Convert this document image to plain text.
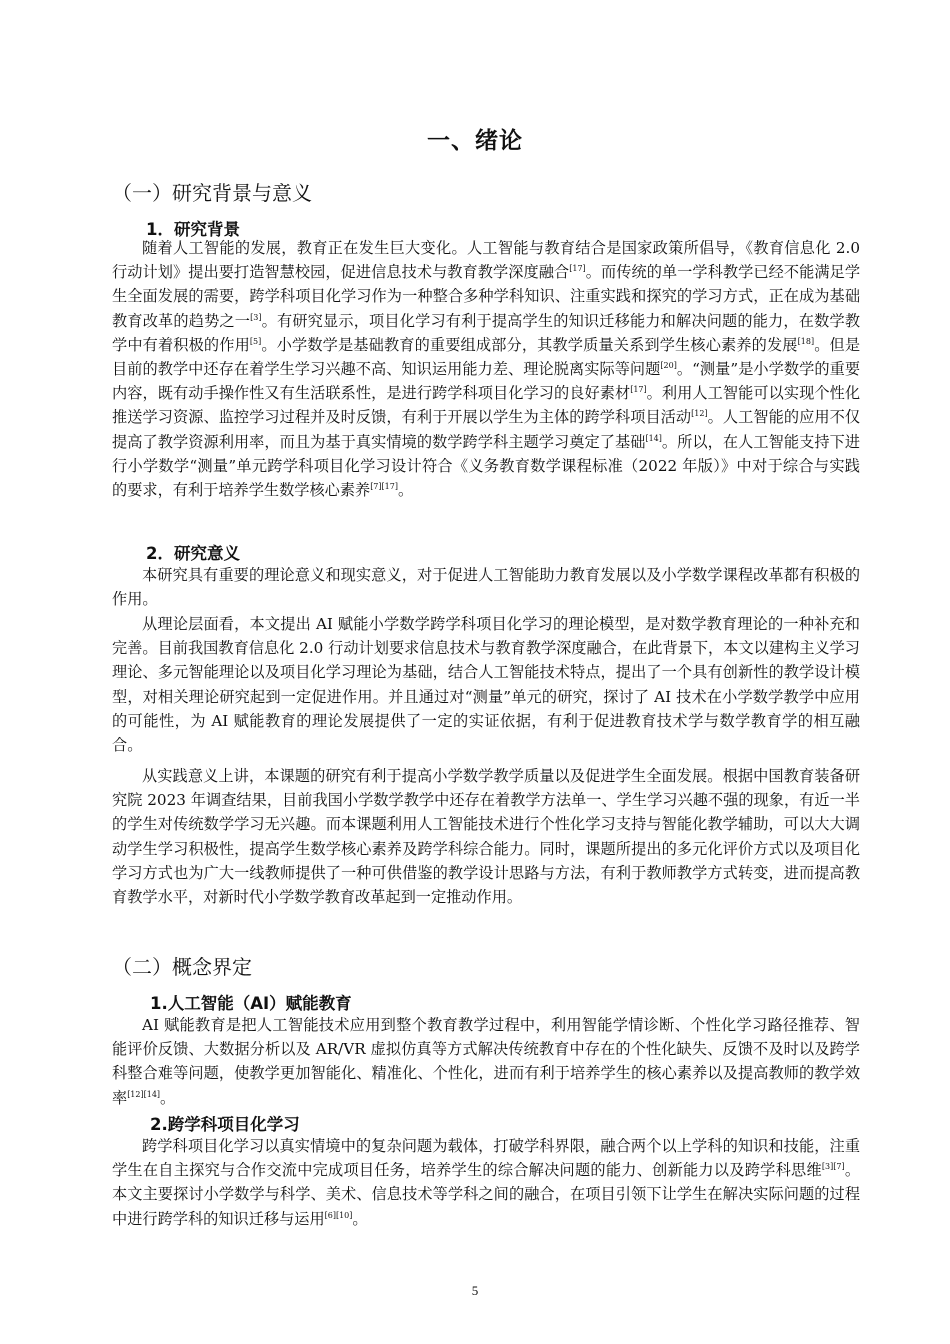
一、绪论
（一）研究背景与意义
1．研究背景

随着人工智能的发展，教育正在发生巨大变化。人工智能与教育结合是国家政策所倡导，《教育信息化 2.0 行动计划》提出要打造智慧校园，促进信息技术与教育教学深度融合[17]。而传统的单一学科教学已经不能满足学生全面发展的需要，跨学科项目化学习作为一种整合多种学科知识、注重实践和探究的学习方式，正在成为基础教育改革的趋势之一[3]。有研究显示，项目化学习有利于提高学生的知识迁移能力和解决问题的能力，在数学教学中有着积极的作用[5]。小学数学是基础教育的重要组成部分，其教学质量关系到学生核心素养的发展[18]。但是目前的教学中还存在着学生学习兴趣不高、知识运用能力差、理论脱离实际等问题[20]。“测量”是小学数学的重要内容，既有动手操作性又有生活联系性，是进行跨学科项目化学习的良好素材[17]。利用人工智能可以实现个性化推送学习资源、监控学习过程并及时反馈，有利于开展以学生为主体的跨学科项目活动[12]。人工智能的应用不仅提高了教学资源利用率，而且为基于真实情境的数学跨学科主题学习奠定了基础[14]。所以，在人工智能支持下进行小学数学“测量”单元跨学科项目化学习设计符合《义务教育数学课程标准（2022 年版）》中对于综合与实践的要求，有利于培养学生数学核心素养[7][17]。

2．研究意义

本研究具有重要的理论意义和现实意义，对于促进人工智能助力教育发展以及小学数学课程改革都有积极的作用。

从理论层面看，本文提出 AI 赋能小学数学跨学科项目化学习的理论模型，是对数学教育理论的一种补充和完善。目前我国教育信息化 2.0 行动计划要求信息技术与教育教学深度融合，在此背景下，本文以建构主义学习理论、多元智能理论以及项目化学习理论为基础，结合人工智能技术特点，提出了一个具有创新性的教学设计模型，对相关理论研究起到一定促进作用。并且通过对“测量”单元的研究，探讨了 AI 技术在小学数学教学中应用的可能性，为 AI 赋能教育的理论发展提供了一定的实证依据，有利于促进教育技术学与数学教育学的相互融合。

从实践意义上讲，本课题的研究有利于提高小学数学教学质量以及促进学生全面发展。根据中国教育装备研究院 2023 年调查结果，目前我国小学数学教学中还存在着教学方法单一、学生学习兴趣不强的现象，有近一半的学生对传统数学学习无兴趣。而本课题利用人工智能技术进行个性化学习支持与智能化教学辅助，可以大大调动学生学习积极性，提高学生数学核心素养及跨学科综合能力。同时，课题所提出的多元化评价方式以及项目化学习方式也为广大一线教师提供了一种可供借鉴的教学设计思路与方法，有利于教师教学方式转变，进而提高教育教学水平，对新时代小学数学教育改革起到一定推动作用。

（二）概念界定
1.人工智能（AI）赋能教育

AI 赋能教育是把人工智能技术应用到整个教育教学过程中，利用智能学情诊断、个性化学习路径推荐、智能评价反馈、大数据分析以及 AR/VR 虚拟仿真等方式解决传统教育中存在的个性化缺失、反馈不及时以及跨学科整合难等问题，使教学更加智能化、精准化、个性化，进而有利于培养学生的核心素养以及提高教师的教学效率[12][14]。

2.跨学科项目化学习

跨学科项目化学习以真实情境中的复杂问题为载体，打破学科界限，融合两个以上学科的知识和技能，注重学生在自主探究与合作交流中完成项目任务，培养学生的综合解决问题的能力、创新能力以及跨学科思维[3][7]。本文主要探讨小学数学与科学、美术、信息技术等学科之间的融合，在项目引领下让学生在解决实际问题的过程中进行跨学科的知识迁移与运用[6][10]。

5
